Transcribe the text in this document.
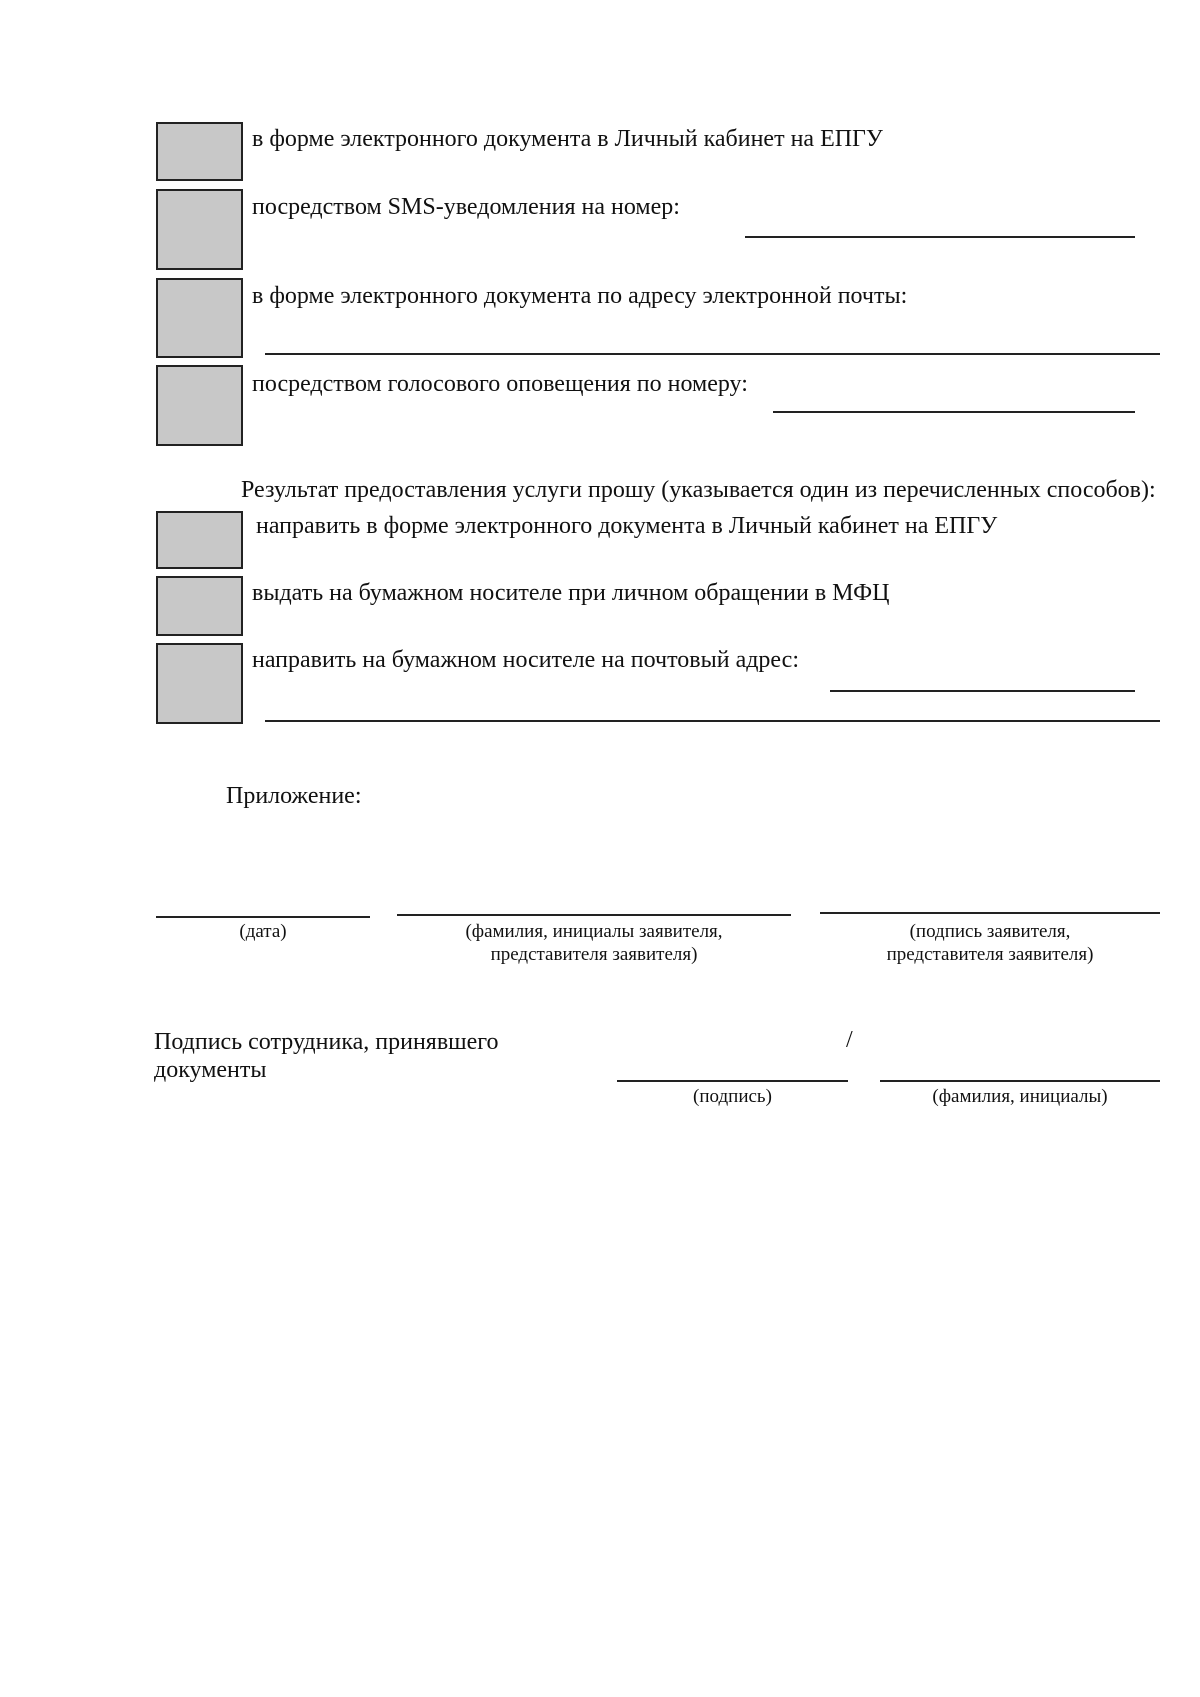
в форме электронного документа в Личный кабинет на ЕПГУ
посредством SMS-уведомления на номер:
в форме электронного документа по адресу электронной почты:
посредством голосового оповещения по номеру:
Результат предоставления услуги прошу (указывается один из перечисленных способов):
направить в форме электронного документа в Личный кабинет на ЕПГУ
выдать на бумажном носителе при личном обращении в МФЦ
направить на бумажном носителе на почтовый адрес:
Приложение:
(дата)	(фамилия, инициалы заявителя,
представителя заявителя)
(подпись заявителя,
представителя заявителя)
Подпись сотрудника, принявшего
документы
/
(подпись)	(фамилия, инициалы)
